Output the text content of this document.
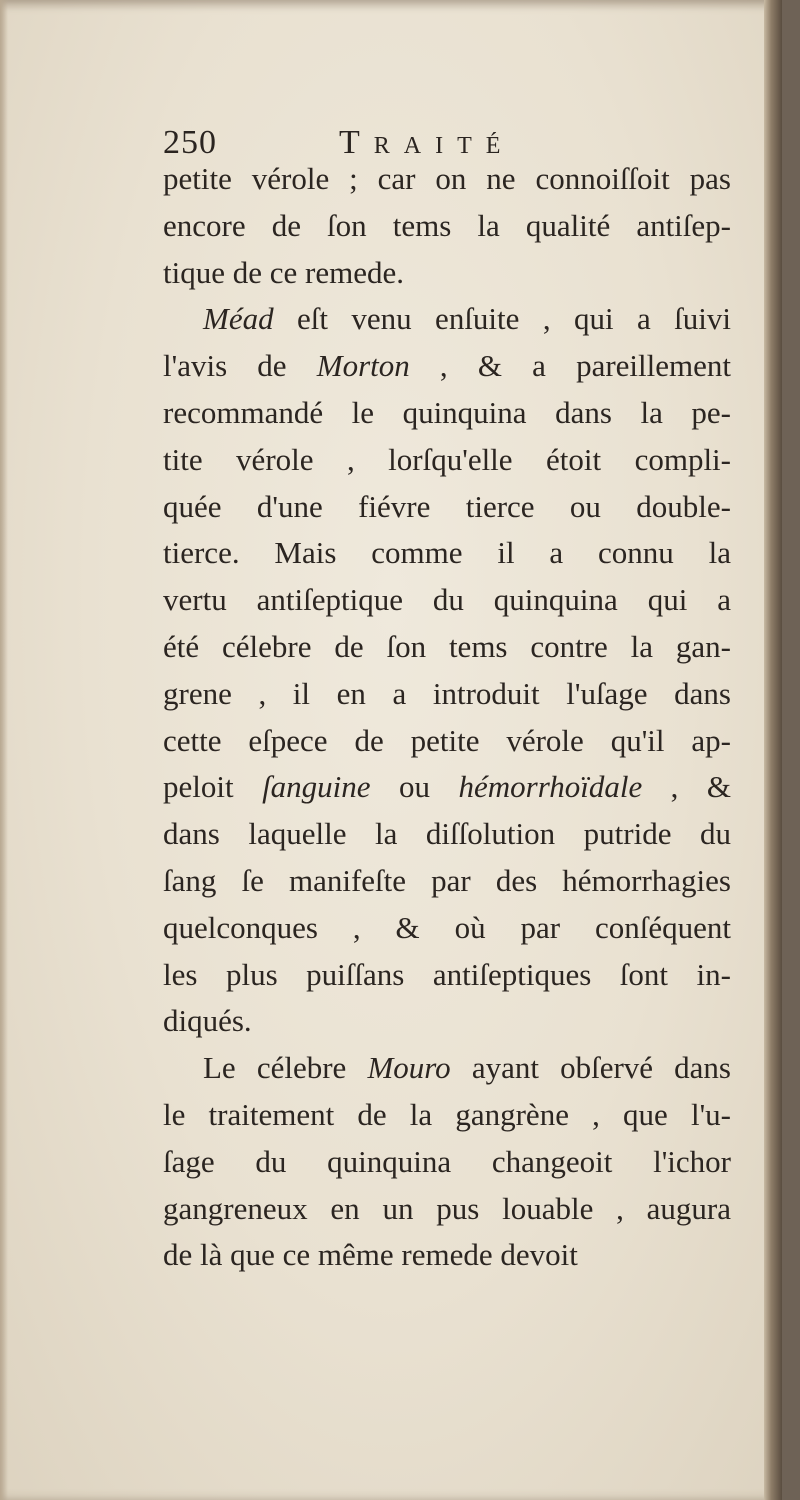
250	Traité
petite vérole ; car on ne connoiſſoit pas
encore de ſon tems la qualité antiſep-
tique de ce remede.
Méad eſt venu enſuite , qui a ſuivi
l'avis de Morton , & a pareillement
recommandé le quinquina dans la pe-
tite vérole , lorſqu'elle étoit compli-
quée d'une fiévre tierce ou double-
tierce. Mais comme il a connu la
vertu antiſeptique du quinquina qui a
été célebre de ſon tems contre la gan-
grene , il en a introduit l'uſage dans
cette eſpece de petite vérole qu'il ap-
peloit ſanguine ou hémorrhoïdale , &
dans laquelle la diſſolution putride du
ſang ſe manifeſte par des hémorrhagies
quelconques , & où par conſéquent
les plus puiſſans antiſeptiques ſont in-
diqués.
Le célebre Mouro ayant obſervé dans
le traitement de la gangrène , que l'u-
ſage du quinquina changeoit l'ichor
gangreneux en un pus louable , augura
de là que ce même remede devoit
